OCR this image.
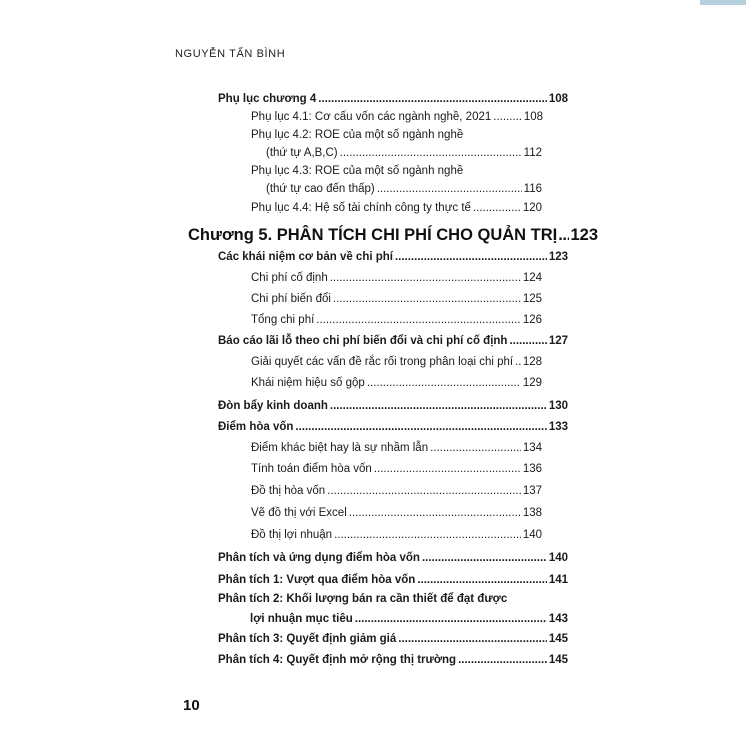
NGUYỄN TẤN BÌNH
Phụ lục chương 4 . . .	108
Phụ lục 4.1: Cơ cấu vốn các ngành nghề, 2021 . . .	108
Phụ lục 4.2: ROE của một số ngành nghề
(thứ tự A,B,C) . . .	112
Phụ lục 4.3: ROE của một số ngành nghề
(thứ tự cao đến thấp) . . .	116
Phụ lục 4.4: Hệ số tài chính công ty thực tế . . .	120
Chương 5. PHÂN TÍCH CHI PHÍ CHO QUẢN TRỊ . . . 123
Các khái niệm cơ bản về chi phí . . .	123
Chi phí cố định . . .	124
Chi phí biến đổi . . .	125
Tổng chi phí . . .	126
Báo cáo lãi lỗ theo chi phí biến đổi và chi phí cố định . . .	127
Giải quyết các vấn đề rắc rối trong phân loại chi phí . . . 128
Khái niệm hiệu số gộp . . .	129
Đòn bẩy kinh doanh . . .	130
Điểm hòa vốn . . .	133
Điểm khác biệt hay là sự nhầm lẫn . . .	134
Tính toán điểm hòa vốn . . .	136
Đồ thị hòa vốn . . .	137
Vẽ đồ thị với Excel . . .	138
Đồ thị lợi nhuận . . .	140
Phân tích và ứng dụng điểm hòa vốn . . .	140
Phân tích 1: Vượt qua điểm hòa vốn . . .	141
Phân tích 2: Khối lượng bán ra cần thiết để đạt được
lợi nhuận mục tiêu . . .	143
Phân tích 3: Quyết định giảm giá . . .	145
Phân tích 4: Quyết định mở rộng thị trường . . .	145
10
